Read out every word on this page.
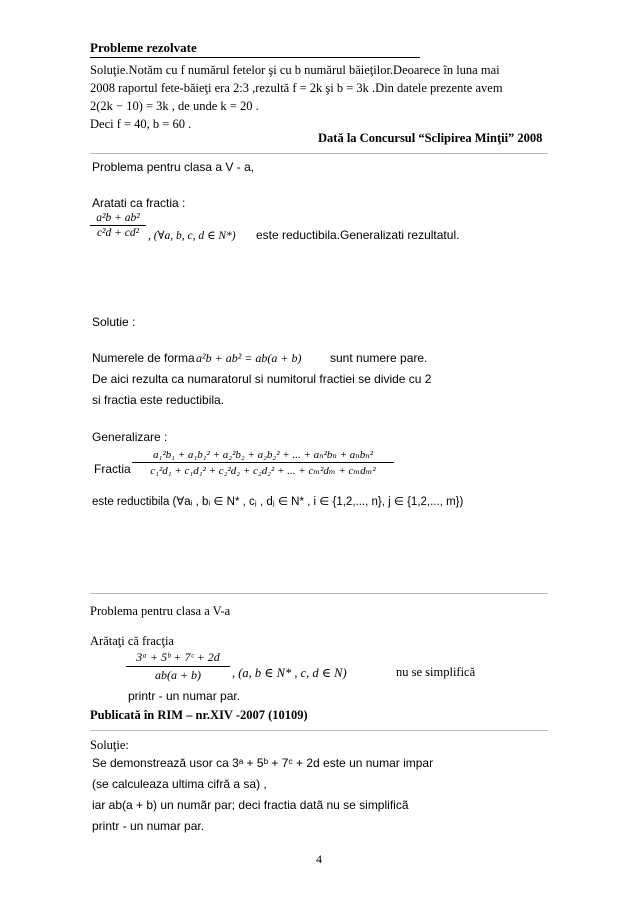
Probleme rezolvate
Soluţie.Notăm cu f numărul fetelor şi cu b numărul băieţilor.Deoarece în luna mai
2008 raportul fete-băieţi era 2:3 ,rezultă f = 2k şi b = 3k .Din datele prezente avem
2(2k − 10) = 3k , de unde k = 20 .
Deci f = 40, b = 60 .
Dată la Concursul “Sclipirea Minţii” 2008
Problema pentru clasa a V - a,
Aratati ca fractia :
a²b + ab²
c²d + cd² , (∀a, b, c, d ∈ N*) este reductibila.Generalizati rezultatul.
Solutie :
Numerele de forma a²b + ab² = ab(a + b) sunt numere pare.
De aici rezulta ca numaratorul si numitorul fractiei se divide cu 2
si fractia este reductibila.
Generalizare :
Fractia
a₁²b₁ + a₁b₁² + a₂²b₂ + a₂b₂² + ... + aₙ²bₙ + aₙbₙ²
c₁²d₁ + c₁d₁² + c₂²d₂ + c₂d₂² + ... + cₘ²dₘ + cₘdₘ²
este reductibila (∀aᵢ , bᵢ ∈ N* , cⱼ , dⱼ ∈ N* , i ∈ {1,2,..., n}, j ∈ {1,2,..., m})
Problema pentru clasa a V-a
Arătaţi că fracţia
3ᵃ + 5ᵇ + 7ᶜ + 2d
ab(a + b)	, (a, b ∈ N* , c, d ∈ N)	nu se simplifică
printr - un numar par.
Publicată în RIM – nr.XIV -2007 (10109)
Soluţie:
Se demonstrează usor ca 3ᵃ + 5ᵇ + 7ᶜ + 2d este un numar impar
(se calculeaza ultima cifră a sa) ,
iar ab(a + b) un numãr par; deci fractia datã nu se simplificã
printr - un numar par.
4
